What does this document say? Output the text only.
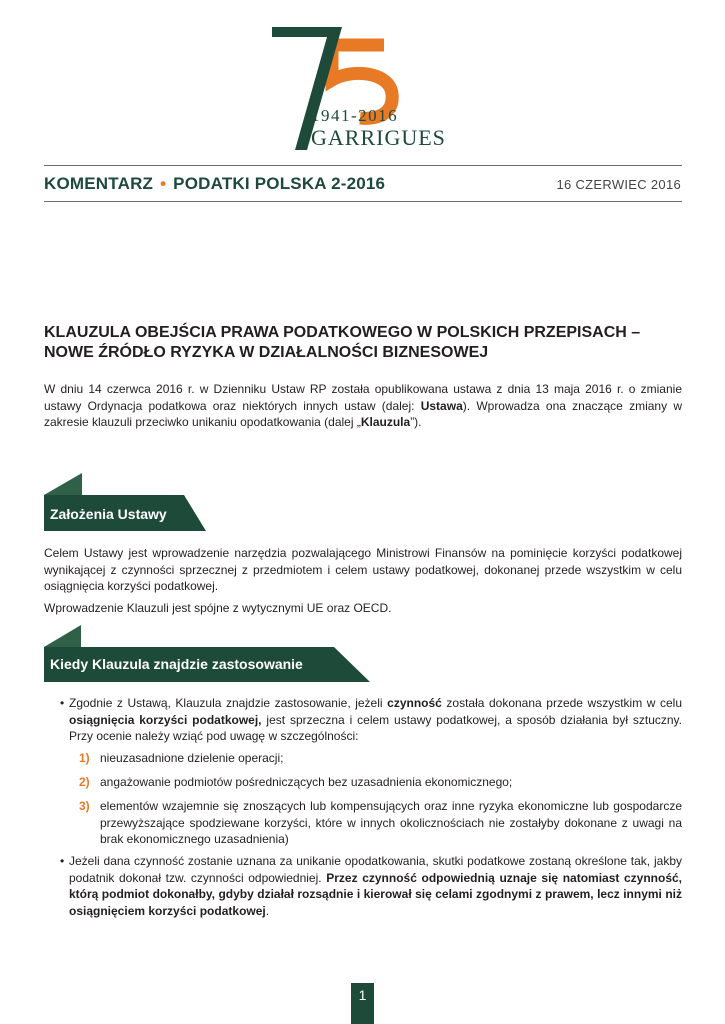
1941-2016
GARRIGUES
KOMENTARZ • PODATKI POLSKA 2-2016	16 CZERWIEC 2016
KLAUZULA OBEJŚCIA PRAWA PODATKOWEGO W POLSKICH PRZEPISACH – NOWE ŹRÓDŁO RYZYKA W DZIAŁALNOŚCI BIZNESOWEJ
W dniu 14 czerwca 2016 r. w Dzienniku Ustaw RP została opublikowana ustawa z dnia 13 maja 2016 r. o zmianie ustawy Ordynacja podatkowa oraz niektórych innych ustaw (dalej: Ustawa). Wprowadza ona znaczące zmiany w zakresie klauzuli przeciwko unikaniu opodatkowania (dalej „Klauzula”).
Założenia Ustawy
Celem Ustawy jest wprowadzenie narzędzia pozwalającego Ministrowi Finansów na pominięcie korzyści podatkowej wynikającej z czynności sprzecznej z przedmiotem i celem ustawy podatkowej, dokonanej przede wszystkim w celu osiągnięcia korzyści podatkowej.
Wprowadzenie Klauzuli jest spójne z wytycznymi UE oraz OECD.
Kiedy Klauzula znajdzie zastosowanie
• Zgodnie z Ustawą, Klauzula znajdzie zastosowanie, jeżeli czynność została dokonana przede wszystkim w celu osiągnięcia korzyści podatkowej, jest sprzeczna i celem ustawy podatkowej, a sposób działania był sztuczny. Przy ocenie należy wziąć pod uwagę w szczególności:
1) nieuzasadnione dzielenie operacji;
2) angażowanie podmiotów pośredniczących bez uzasadnienia ekonomicznego;
3) elementów wzajemnie się znoszących lub kompensujących oraz inne ryzyka ekonomiczne lub gospodarcze przewyższające spodziewane korzyści, które w innych okolicznościach nie zostałyby dokonane z uwagi na brak ekonomicznego uzasadnienia)
• Jeżeli dana czynność zostanie uznana za unikanie opodatkowania, skutki podatkowe zostaną określone tak, jakby podatnik dokonał tzw. czynności odpowiedniej. Przez czynność odpowiednią uznaje się natomiast czynność, którą podmiot dokonałby, gdyby działał rozsądnie i kierował się celami zgodnymi z prawem, lecz innymi niż osiągnięciem korzyści podatkowej.
1
